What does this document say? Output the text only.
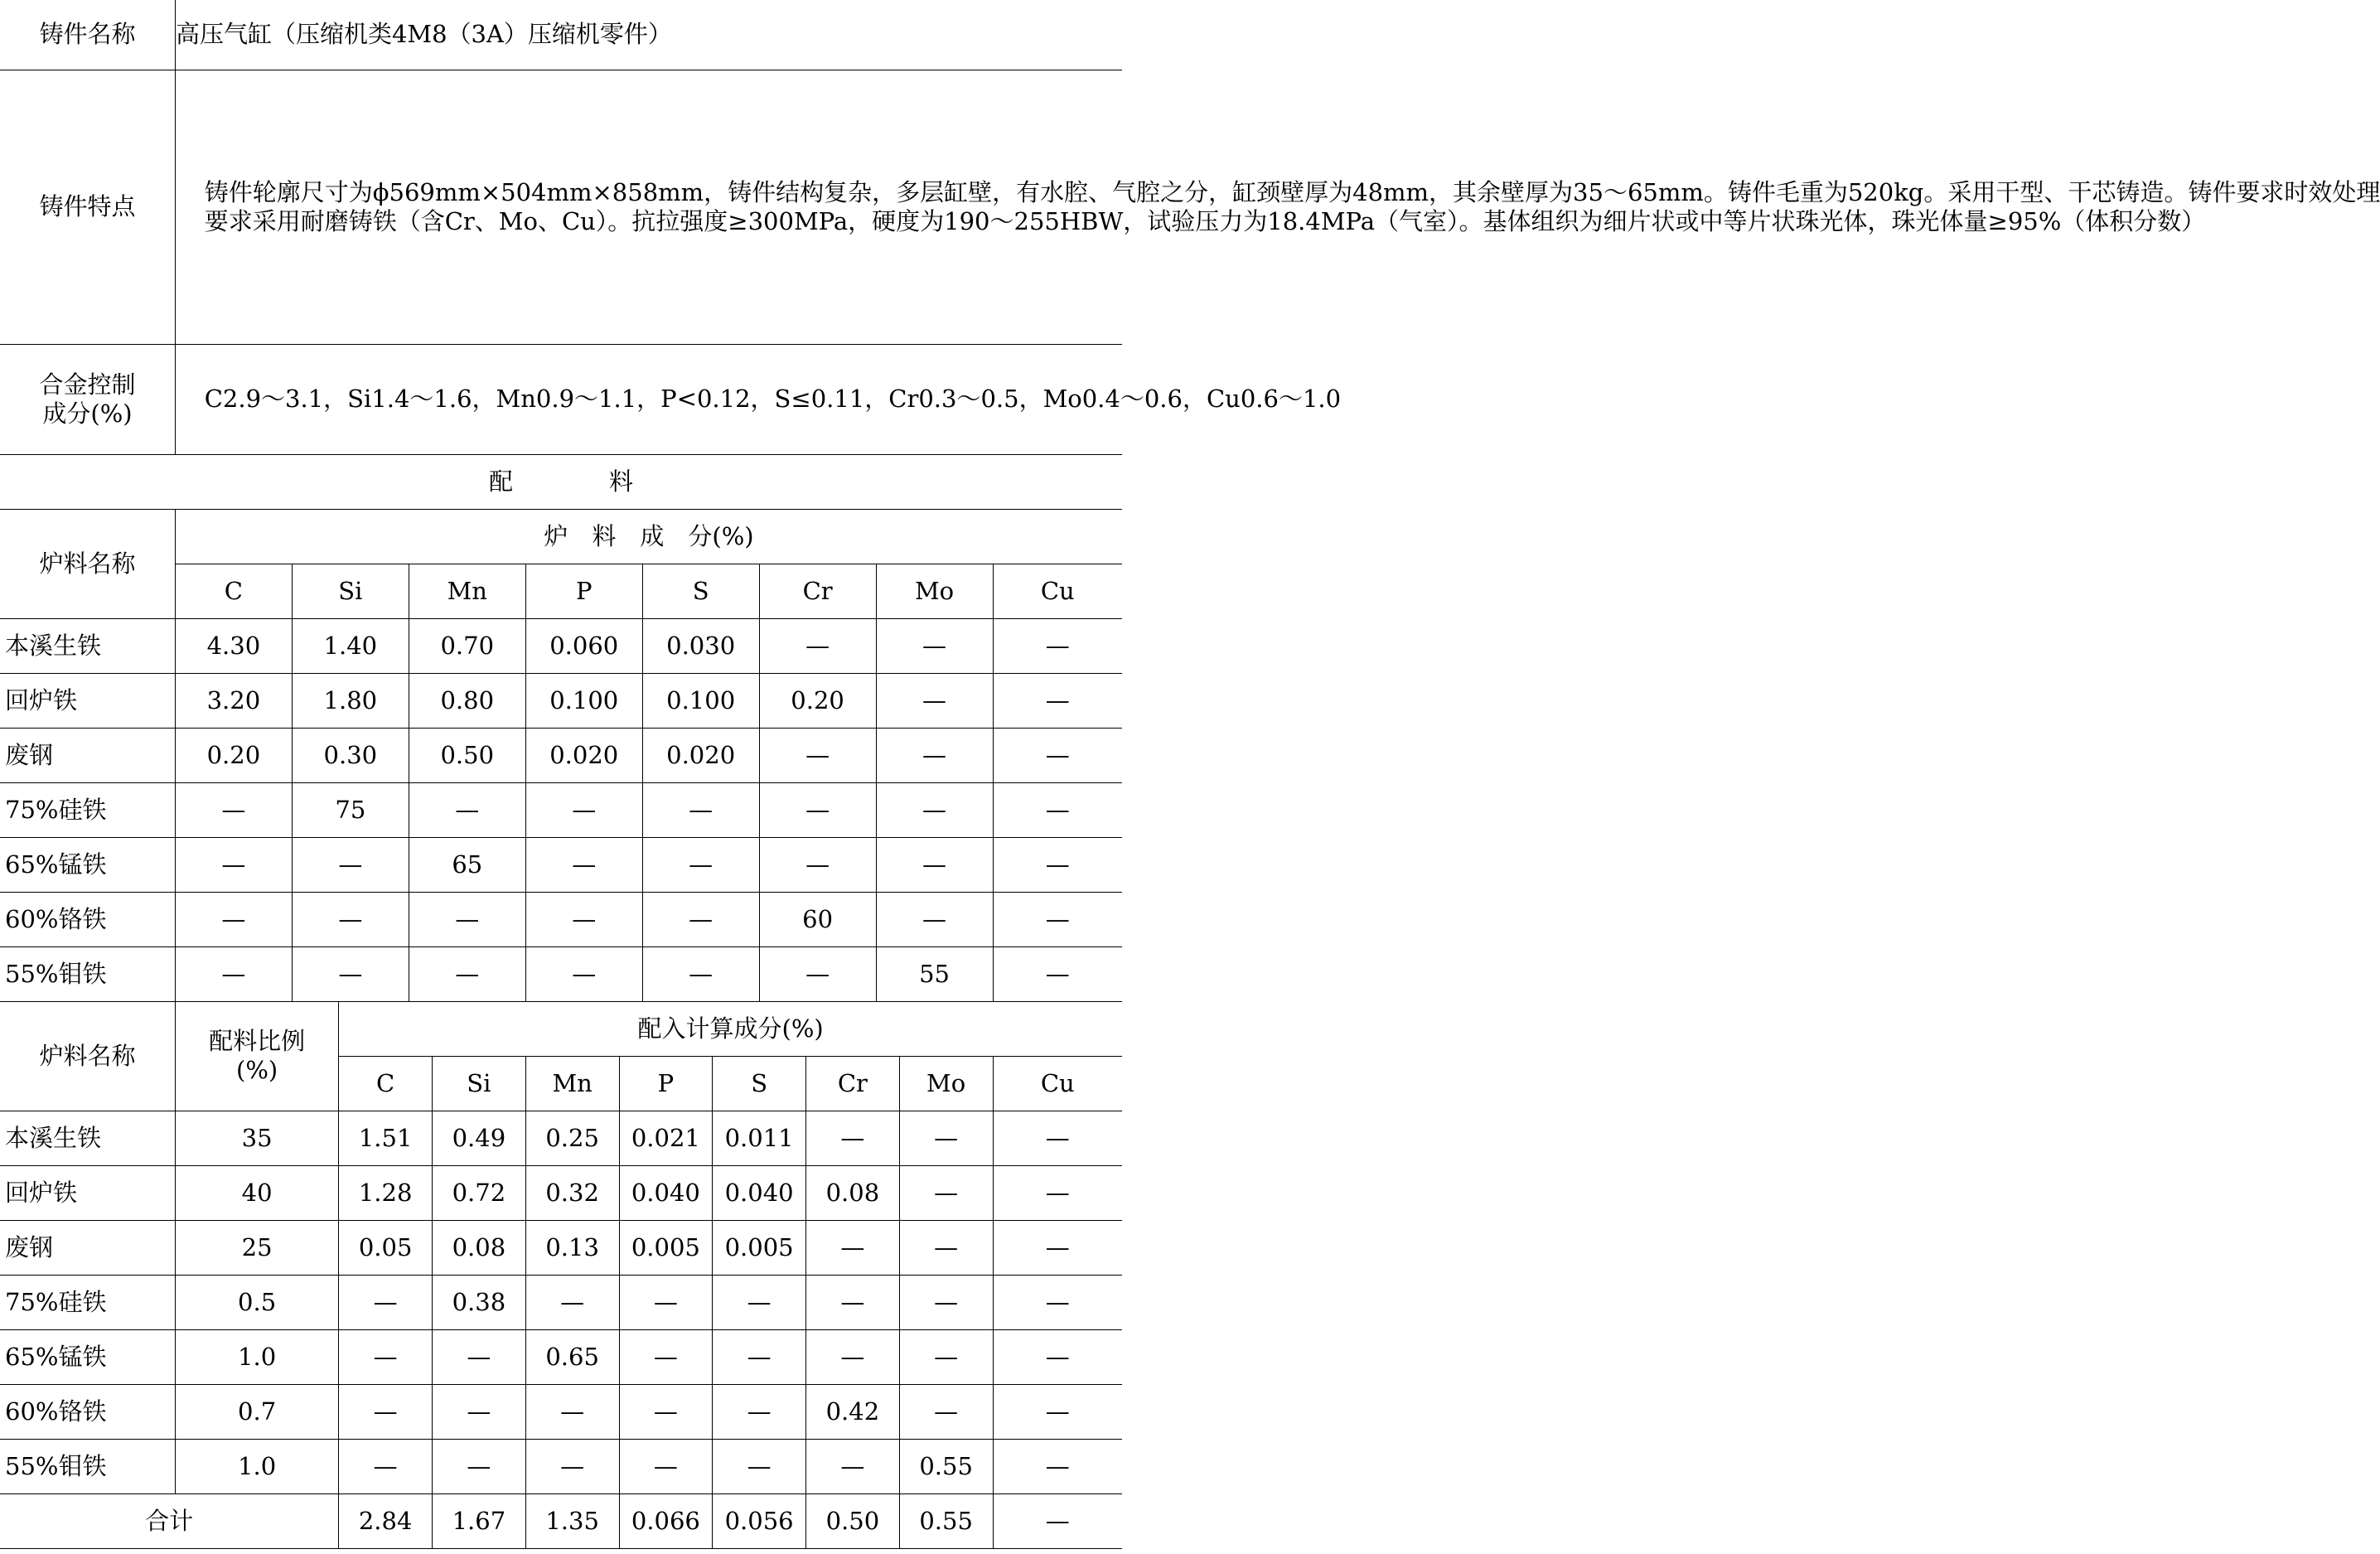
铸件名称	高压气缸（压缩机类4M8（3A）压缩机零件）													
铸件特点	铸件轮廓尺寸为ϕ569mm×504mm×858mm，铸件结构复杂，多层缸壁，有水腔、气腔之分，缸颈壁厚为48mm，其余壁厚为35～65mm。铸件毛重为520kg。采用干型、干芯铸造。铸件要求时效处理

要求采用耐磨铸铁（含Cr、Mo、Cu）。抗拉强度≥300MPa，硬度为190～255HBW，试验压力为18.4MPa（气室）。基体组织为细片状或中等片状珠光体，珠光体量≥95%（体积分数）													

合金控制
成分(%)	C2.9～3.1，Si1.4～1.6，Mn0.9～1.1，P<0.12，S≤0.11，Cr0.3～0.5，Mo0.4～0.6，Cu0.6～1.0													

配　　　　料														
炉料名称	炉　料　成　分(%)													
	C	Si		Mn		P		S		Cr		Mo		Cu
本溪生铁	4.30	1.40		0.70		0.060		0.030		—		—		—
回炉铁	3.20	1.80		0.80		0.100		0.100		0.20		—		—
废钢	0.20	0.30		0.50		0.020		0.020		—		—		—
75%硅铁	—	75		—		—		—		—		—		—
65%锰铁	—	—		65		—		—		—		—		—
60%铬铁	—	—		—		—		—		60		—		—
55%钼铁	—	—		—		—		—		—		55		—
炉料名称	配料比例
(%)		配入计算成分(%)											
			C		Si	Mn	P		S		Cr		Mo	Cu
本溪生铁	35		1.51		0.49	0.25	0.021		0.011		—		—	—
回炉铁	40		1.28		0.72	0.32	0.040		0.040		0.08		—	—
废钢	25		0.05		0.08	0.13	0.005		0.005		—		—	—
75%硅铁	0.5		—		0.38	—	—		—		—		—	—
65%锰铁	1.0		—		—	0.65	—		—		—		—	—
60%铬铁	0.7		—		—	—	—		—		0.42		—	—
55%钼铁	1.0		—		—	—	—		—		—		0.55	—
合计			2.84		1.67	1.35	0.066		0.056		0.50		0.55	—
